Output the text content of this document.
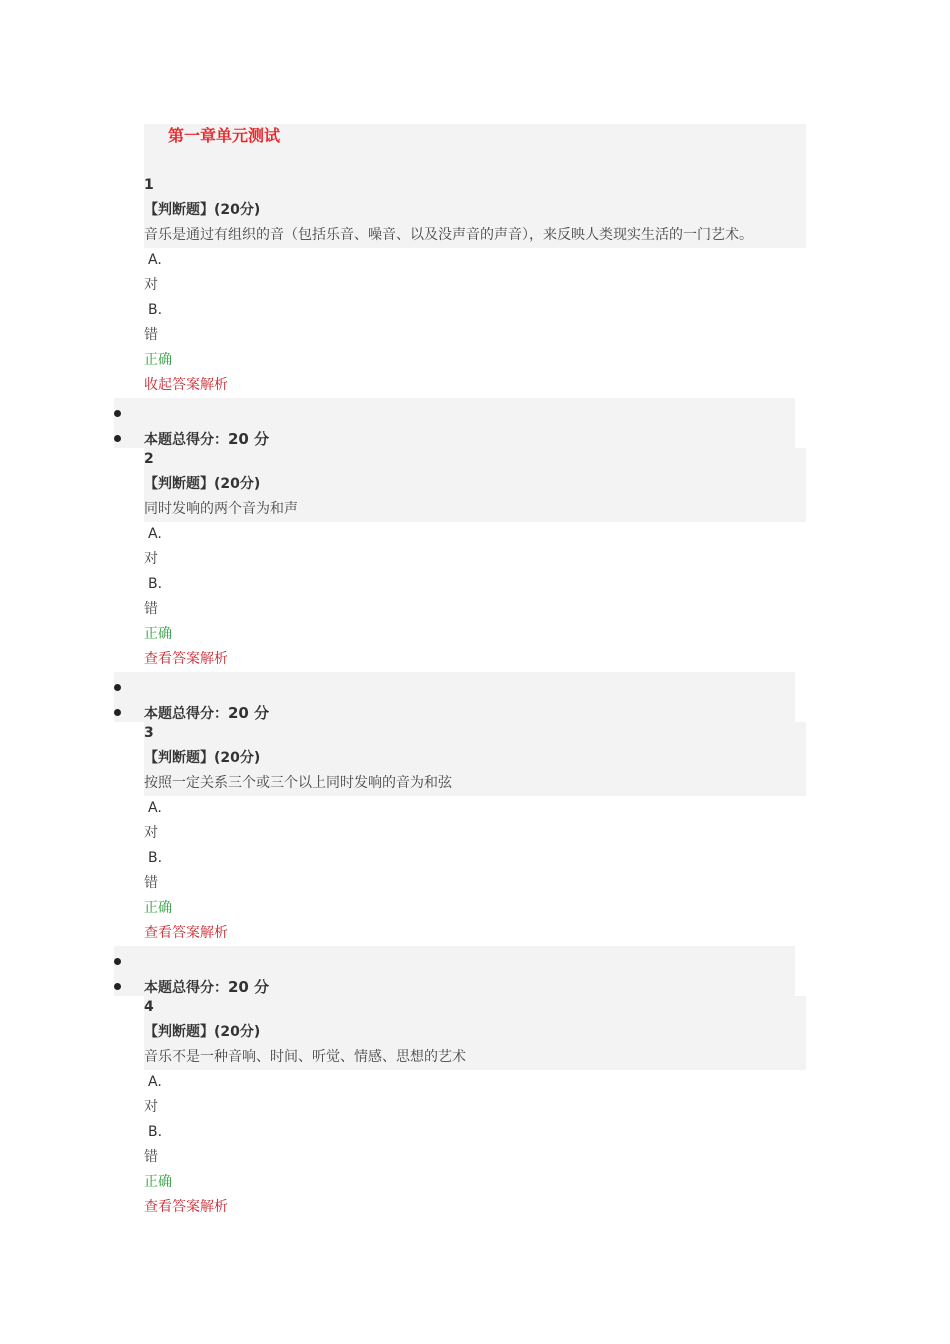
第一章单元测试
1
【判断题】(20分)
音乐是通过有组织的音（包括乐音、噪音、以及没声音的声音），来反映人类现实生活的一门艺术。
A.
对
B.
错
正确
收起答案解析
本题总得分：20 分
2
【判断题】(20分)
同时发响的两个音为和声
A.
对
B.
错
正确
查看答案解析
本题总得分：20 分
3
【判断题】(20分)
按照一定关系三个或三个以上同时发响的音为和弦
A.
对
B.
错
正确
查看答案解析
本题总得分：20 分
4
【判断题】(20分)
音乐不是一种音响、时间、听觉、情感、思想的艺术
A.
对
B.
错
正确
查看答案解析
